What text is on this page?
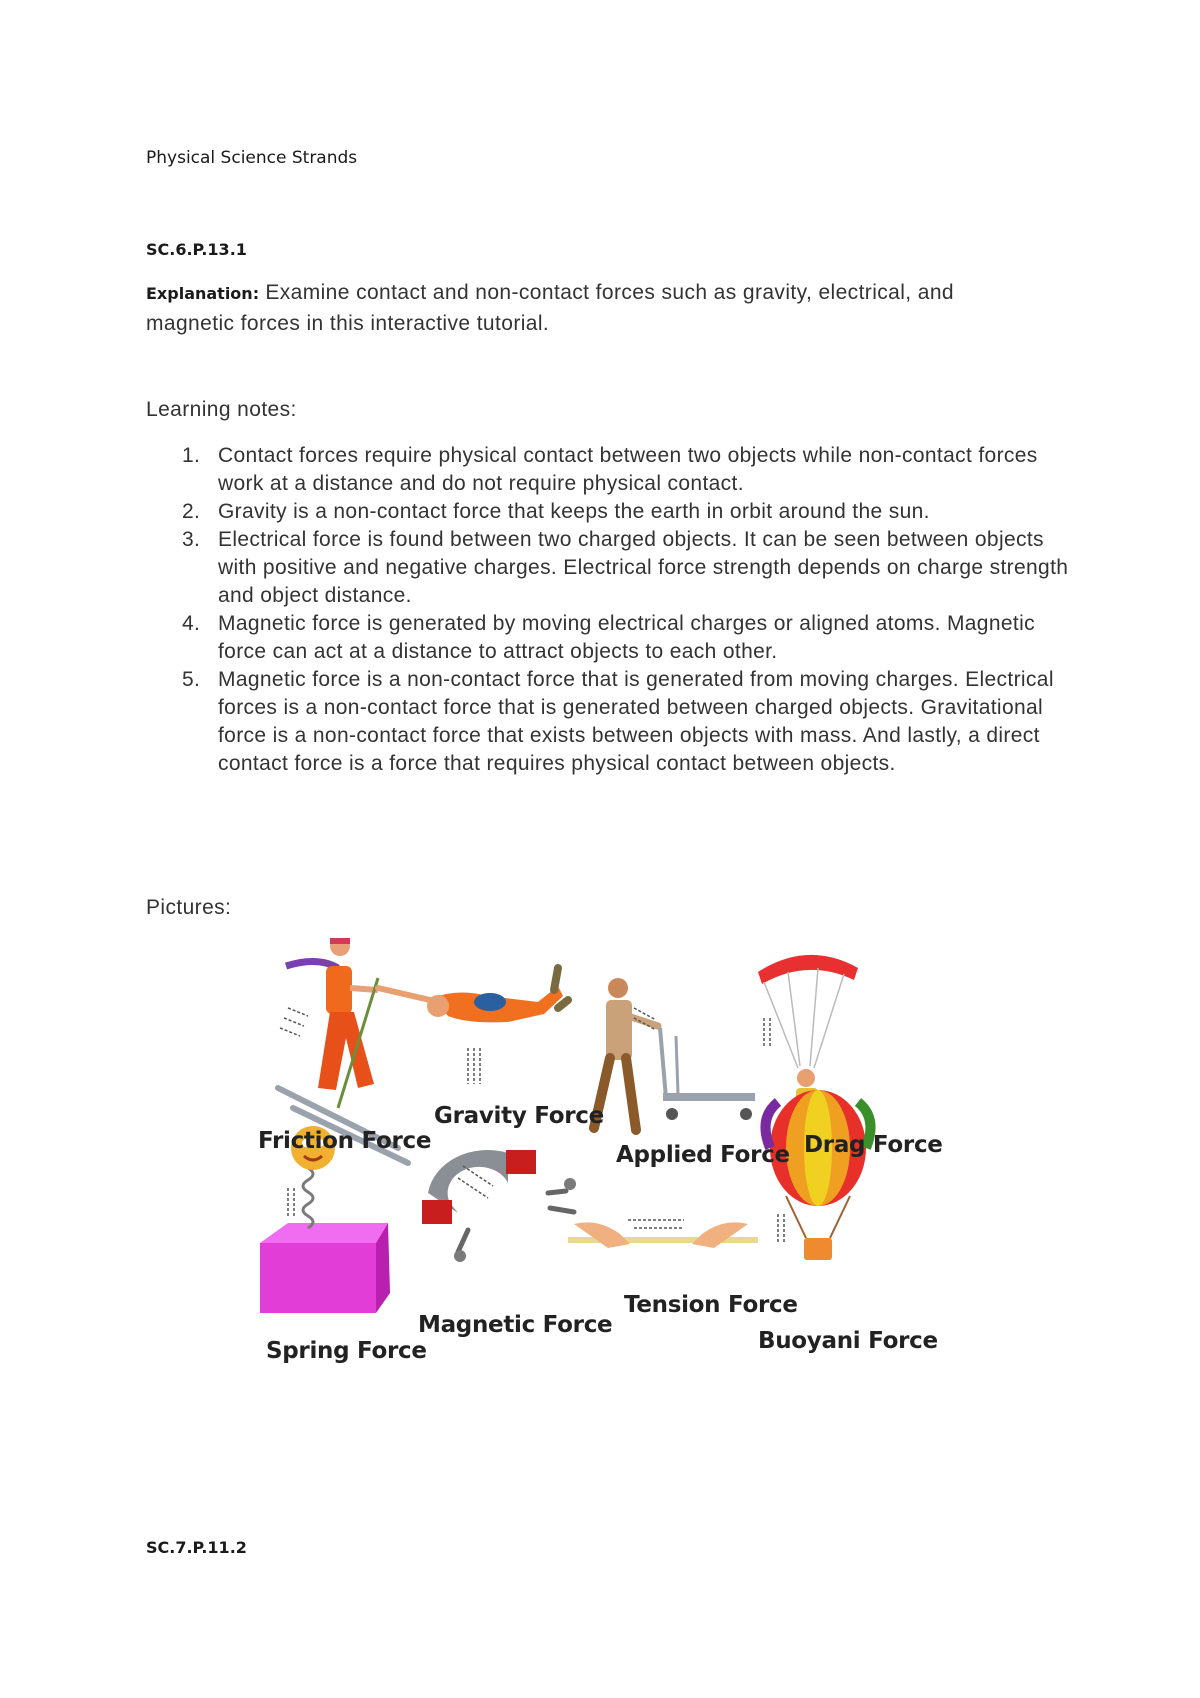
Physical Science Strands
SC.6.P.13.1
Explanation: Examine contact and non-contact forces such as gravity, electrical, and magnetic forces in this interactive tutorial.
Learning notes:
1. Contact forces require physical contact between two objects while non-contact forces work at a distance and do not require physical contact.
2. Gravity is a non-contact force that keeps the earth in orbit around the sun.
3. Electrical force is found between two charged objects. It can be seen between objects with positive and negative charges. Electrical force strength depends on charge strength and object distance.
4. Magnetic force is generated by moving electrical charges or aligned atoms. Magnetic force can act at a distance to attract objects to each other.
5. Magnetic force is a non-contact force that is generated from moving charges. Electrical forces is a non-contact force that is generated between charged objects. Gravitational force is a non-contact force that exists between objects with mass. And lastly, a direct contact force is a force that requires physical contact between objects.
Pictures:
Friction Force
Gravity Force
Applied Force Drag Force
Spring Force
Magnetic Force
Tension Force
Buoyani Force
SC.7.P.11.2
